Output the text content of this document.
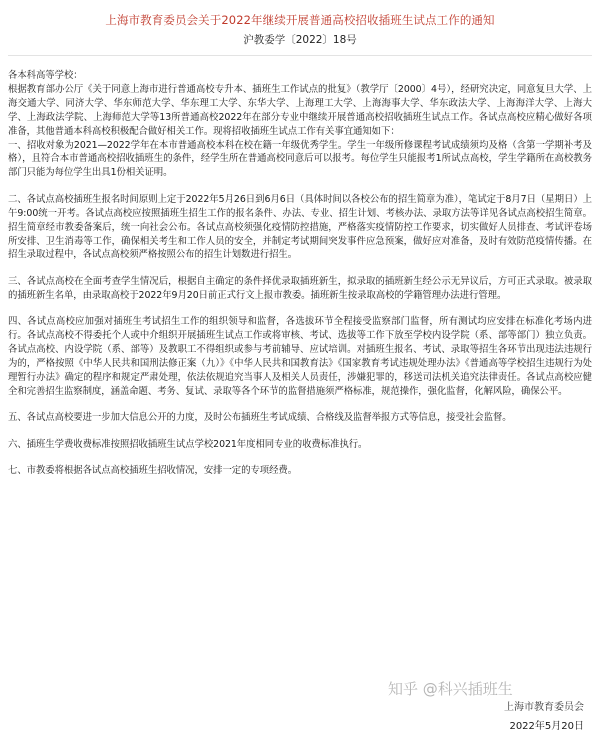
上海市教育委员会关于2022年继续开展普通高校招收插班生试点工作的通知
沪教委学〔2022〕18号

各本科高等学校：

根据教育部办公厅《关于同意上海市进行普通高校专升本、插班生工作试点的批复》（教学厅〔2000〕4号），经研究决定，同意复旦大学、上海交通大学、同济大学、华东师范大学、华东理工大学、东华大学、上海理工大学、上海海事大学、华东政法大学、上海海洋大学、上海大学、上海政法学院、上海师范大学等13所普通高校2022年在部分专业中继续开展普通高校招收插班生试点工作。各试点高校应精心做好各项准备，其他普通本科高校积极配合做好相关工作。现将招收插班生试点工作有关事宜通知如下：

一、招收对象为2021—2022学年在本市普通高校本科在校在籍一年级优秀学生。学生一年级所修课程考试成绩须均及格（含第一学期补考及格），且符合本市普通高校招收插班生的条件，经学生所在普通高校同意后可以报考。每位学生只能报考1所试点高校，学生学籍所在高校教务部门只能为每位学生出具1份相关证明。

二、各试点高校插班生报名时间原则上定于2022年5月26日到6月6日（具体时间以各校公布的招生简章为准），笔试定于8月7日（星期日）上午9:00统一开考。各试点高校应按照插班生招生工作的报名条件、办法、专业、招生计划、考核办法、录取方法等详见各试点高校招生简章。招生简章经市教委备案后，统一向社会公布。各试点高校须强化疫情防控措施，严格落实疫情防控工作要求，切实做好人员排查、考试评卷场所安排、卫生消毒等工作，确保相关考生和工作人员的安全，并制定考试期间突发事件应急预案，做好应对准备，及时有效防范疫情传播。在招生录取过程中，各试点高校须严格按照公布的招生计划数进行招生。

三、各试点高校在全面考查学生情况后，根据自主确定的条件择优录取插班新生，拟录取的插班新生经公示无异议后，方可正式录取。被录取的插班新生名单，由录取高校于2022年9月20日前正式行文上报市教委。插班新生按录取高校的学籍管理办法进行管理。

四、各试点高校应加强对插班生考试招生工作的组织领导和监督，各选拔环节全程接受监察部门监督，所有测试均应安排在标准化考场内进行。各试点高校不得委托个人或中介组织开展插班生试点工作或将审核、考试、选拔等工作下放至学校内设学院（系、部等部门）独立负责。各试点高校、内设学院（系、部等）及教职工不得组织或参与考前辅导、应试培训。对插班生报名、考试、录取等招生各环节出现违法违规行为的，严格按照《中华人民共和国刑法修正案（九）》《中华人民共和国教育法》《国家教育考试违规处理办法》《普通高等学校招生违规行为处理暂行办法》确定的程序和规定严肃处理，依法依规追究当事人及相关人员责任，涉嫌犯罪的，移送司法机关追究法律责任。各试点高校应健全和完善招生监察制度，涵盖命题、考务、复试、录取等各个环节的监督措施须严格标准，规范操作，强化监督，化解风险，确保公平。

五、各试点高校要进一步加大信息公开的力度，及时公布插班生考试成绩、合格线及监督举报方式等信息，接受社会监督。

六、插班生学费收费标准按照招收插班生试点学校2021年度相同专业的收费标准执行。

七、市教委将根据各试点高校插班生招收情况，安排一定的专项经费。

知乎 @科兴插班生
上海市教育委员会
2022年5月20日
